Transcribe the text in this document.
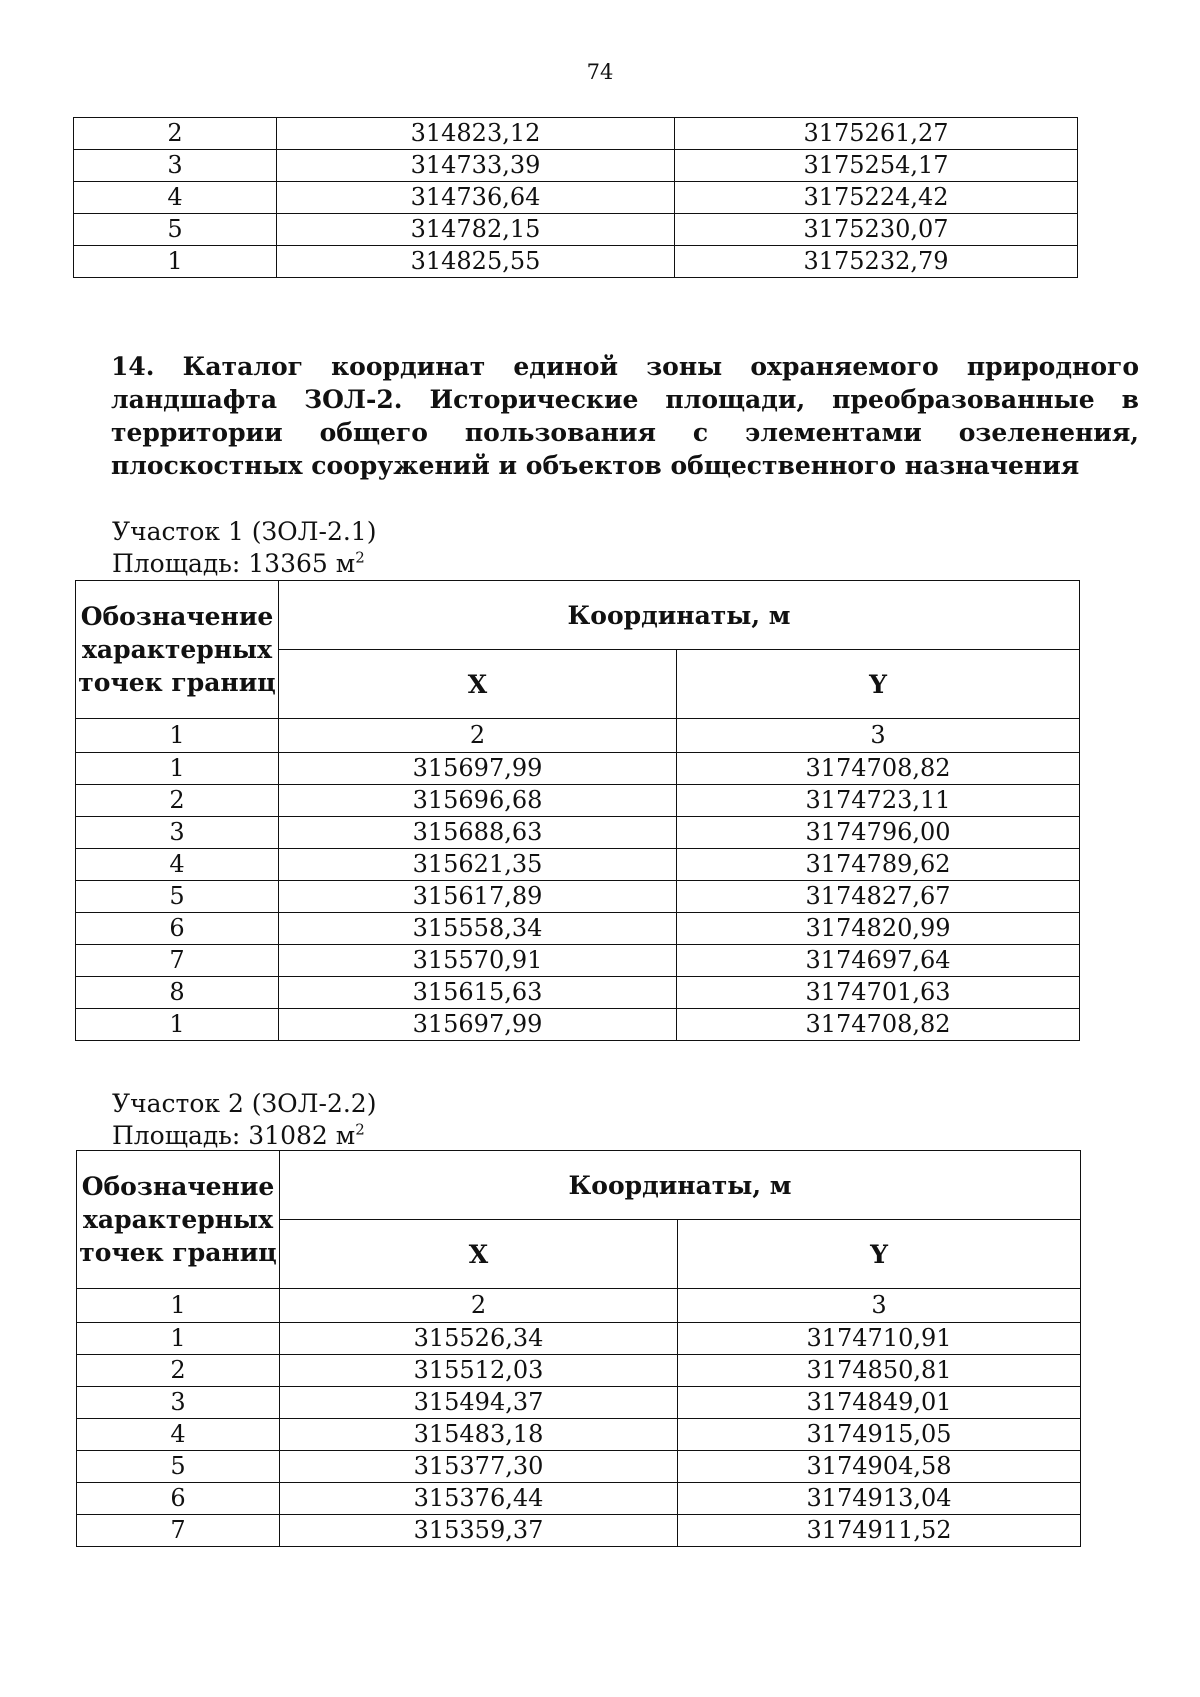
74
2	314823,12	3175261,27
3	314733,39	3175254,17
4	314736,64	3175224,42
5	314782,15	3175230,07
1	314825,55	3175232,79

14. Каталог координат единой зоны охраняемого природного ландшафта ЗОЛ-2. Исторические площади, преобразованные в территории общего пользования с элементами озеленения, плоскостных сооружений и объектов общественного назначения

Участок 1 (ЗОЛ-2.1)
Площадь: 13365 $м^2$

Обозначение характерных точек границ	Координаты, м	
	X	Y
1	2	3
1	315697,99	3174708,82
2	315696,68	3174723,11
3	315688,63	3174796,00
4	315621,35	3174789,62
5	315617,89	3174827,67
6	315558,34	3174820,99
7	315570,91	3174697,64
8	315615,63	3174701,63
1	315697,99	3174708,82

Участок 2 (ЗОЛ-2.2)
Площадь: 31082 $м^2$

Обозначение характерных точек границ	Координаты, м	
	X	Y
1	2	3
1	315526,34	3174710,91
2	315512,03	3174850,81
3	315494,37	3174849,01
4	315483,18	3174915,05
5	315377,30	3174904,58
6	315376,44	3174913,04
7	315359,37	3174911,52
